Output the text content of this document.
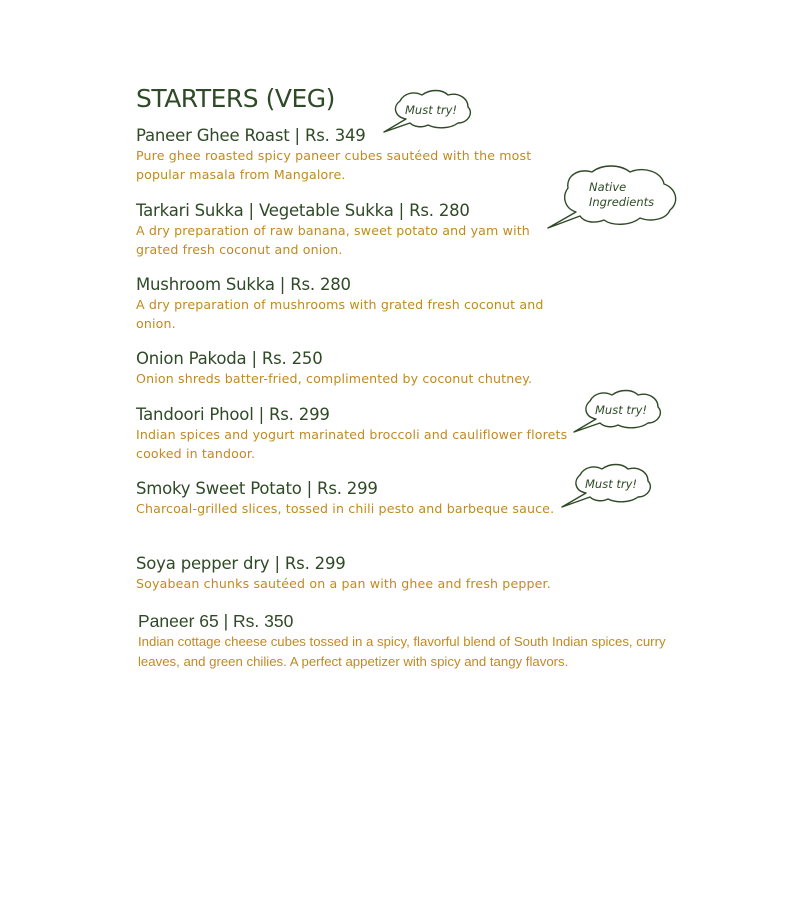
STARTERS (VEG)
Paneer Ghee Roast | Rs. 349
Pure ghee roasted spicy paneer cubes sautéed with the most popular masala from Mangalore.
Tarkari Sukka | Vegetable Sukka | Rs. 280
A dry preparation of raw banana, sweet potato and yam with grated fresh coconut and onion.
Mushroom Sukka | Rs. 280
A dry preparation of mushrooms with grated fresh coconut and onion.
Onion Pakoda | Rs. 250
Onion shreds batter-fried, complimented by coconut chutney.
Tandoori Phool | Rs. 299
Indian spices and yogurt marinated broccoli and cauliflower florets cooked in tandoor.
Smoky Sweet Potato | Rs. 299
Charcoal-grilled slices, tossed in chili pesto and barbeque sauce.
Soya pepper dry | Rs. 299
Soyabean chunks sautéed on a pan with ghee and fresh pepper.
Paneer 65 | Rs. 350
Indian cottage cheese cubes tossed in a spicy, flavorful blend of South Indian spices, curry leaves, and green chilies. A perfect appetizer with spicy and tangy flavors.
Must try!
Native
Ingredients
Must try!
Must try!
